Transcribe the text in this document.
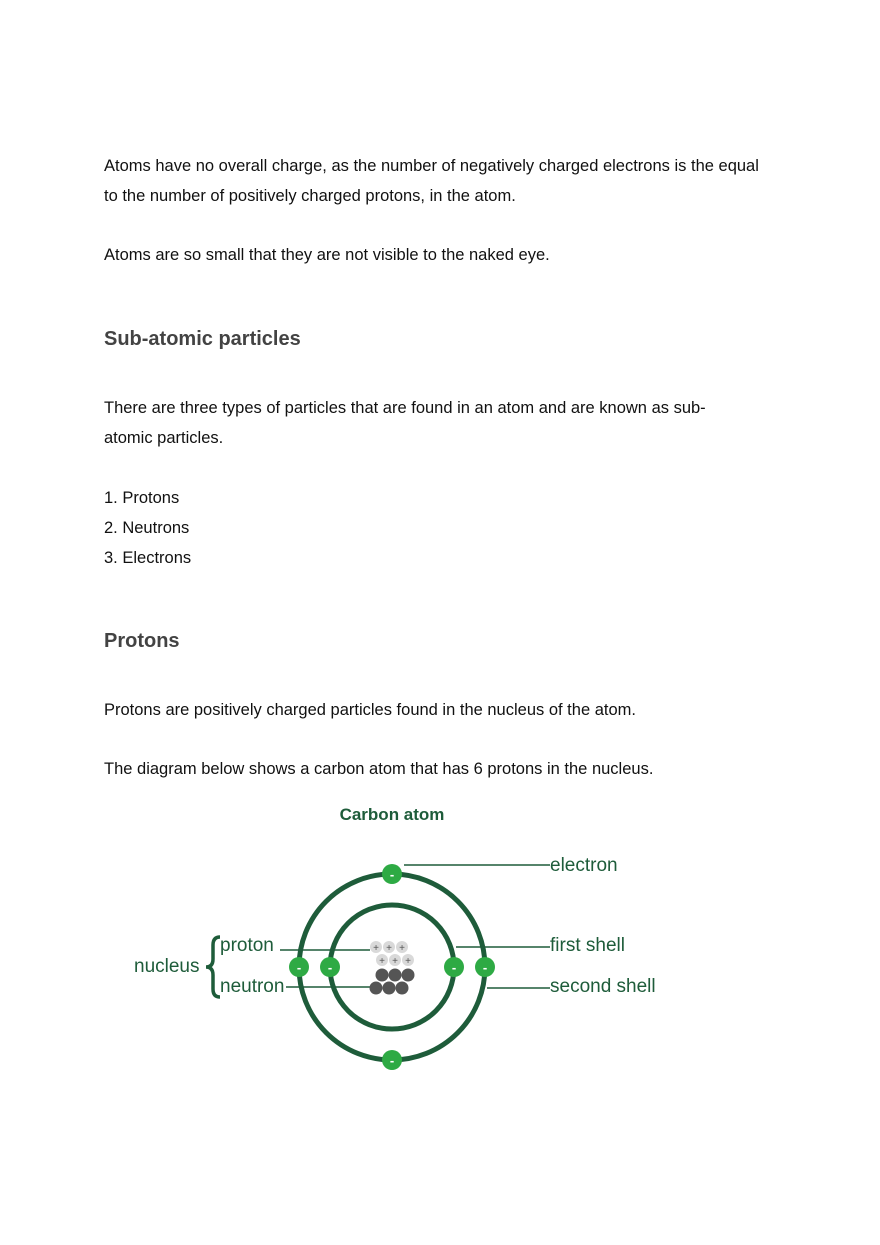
Atoms have no overall charge, as the number of negatively charged electrons is the equal to the number of positively charged protons, in the atom.

Atoms are so small that they are not visible to the naked eye.

Sub-atomic particles

There are three types of particles that are found in an atom and are known as sub-atomic particles.

1. Protons
2. Neutrons
3. Electrons
Protons

Protons are positively charged particles found in the nucleus of the atom.

The diagram below shows a carbon atom that has 6 protons in the nucleus.

Carbon atom
electron
first shell
second shell
nucleus
proton
neutron
+ + +
+ + +
-
-
- -	- -
